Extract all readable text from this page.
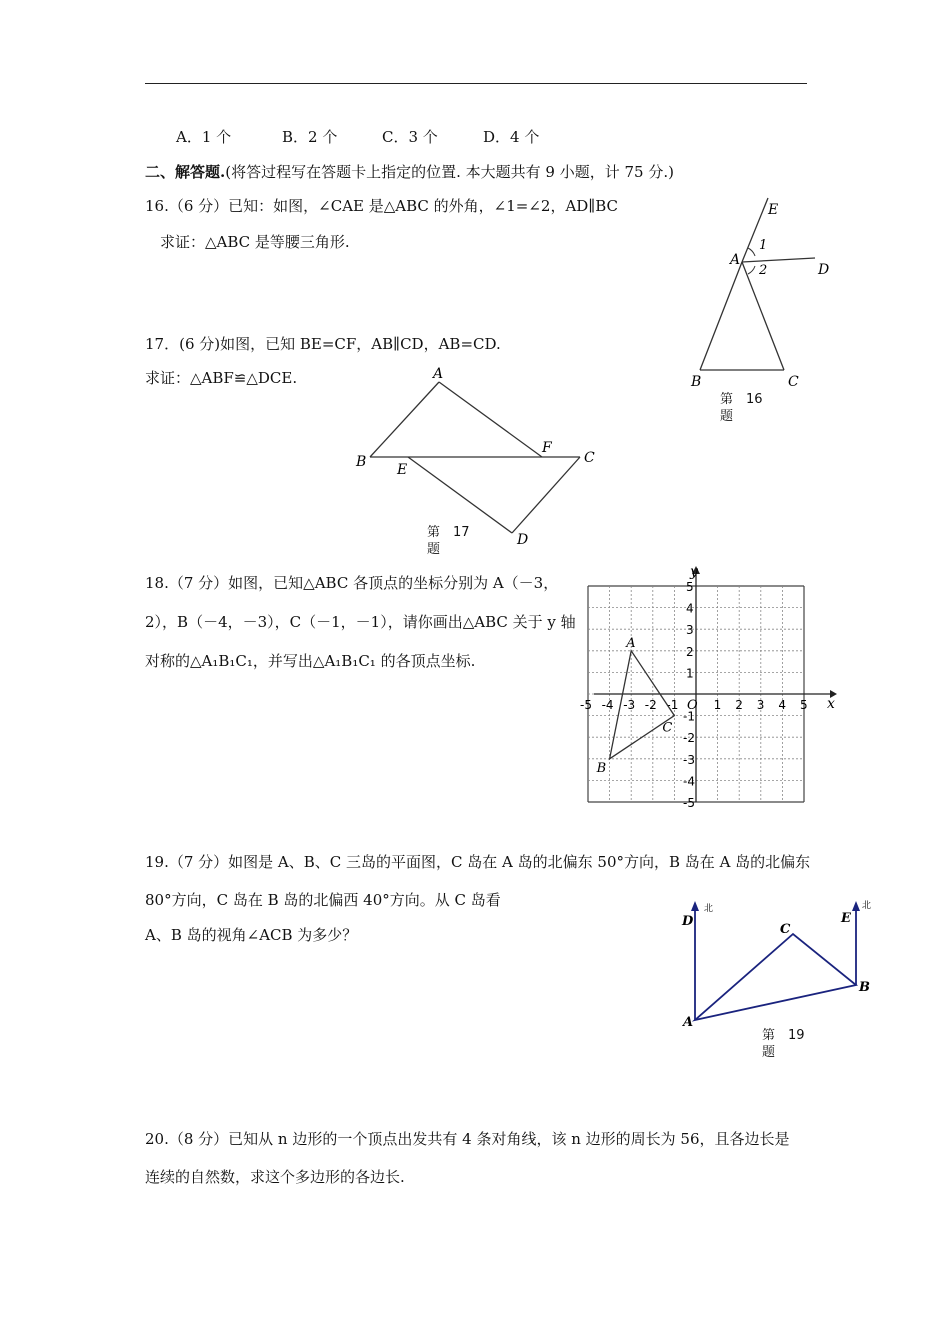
A．1 个	B．2 个	C．3 个	D．4 个
二、解答题.(将答过程写在答题卡上指定的位置. 本大题共有 9 小题，计 75 分.)
16.（6 分）已知：如图，∠CAE 是△ABC 的外角，∠1=∠2，AD∥BC
求证：△ABC 是等腰三角形.
E
A
1
2	D
B	C
第　16
题
17．(6 分)如图，已知 BE=CF，AB∥CD，AB=CD.
求证：△ABF≌△DCE.	A
B E
F
C
D
第　17
题
18.（7 分）如图，已知△ABC 各顶点的坐标分别为 A（－3，
2），B（－4，－3），C（－1，－1），请你画出△ABC 关于 y 轴
对称的△A₁B₁C₁，并写出△A₁B₁C₁ 的各顶点坐标.
x
y
O
-5 -4 -3 -2 -1	1 2 3 4 5
5
4
3
2
1
-1
-2
-3
-4
-5
A
B
C
19.（7 分）如图是 A、B、C 三岛的平面图，C 岛在 A 岛的北偏东 50°方向，B 岛在 A 岛的北偏东
80°方向，C 岛在 B 岛的北偏西 40°方向。从 C 岛看
A、B 岛的视角∠ACB 为多少？
D
北
C
E
北
B
A
第　19
题
20.（8 分）已知从 n 边形的一个顶点出发共有 4 条对角线，该 n 边形的周长为 56，且各边长是
连续的自然数，求这个多边形的各边长.
